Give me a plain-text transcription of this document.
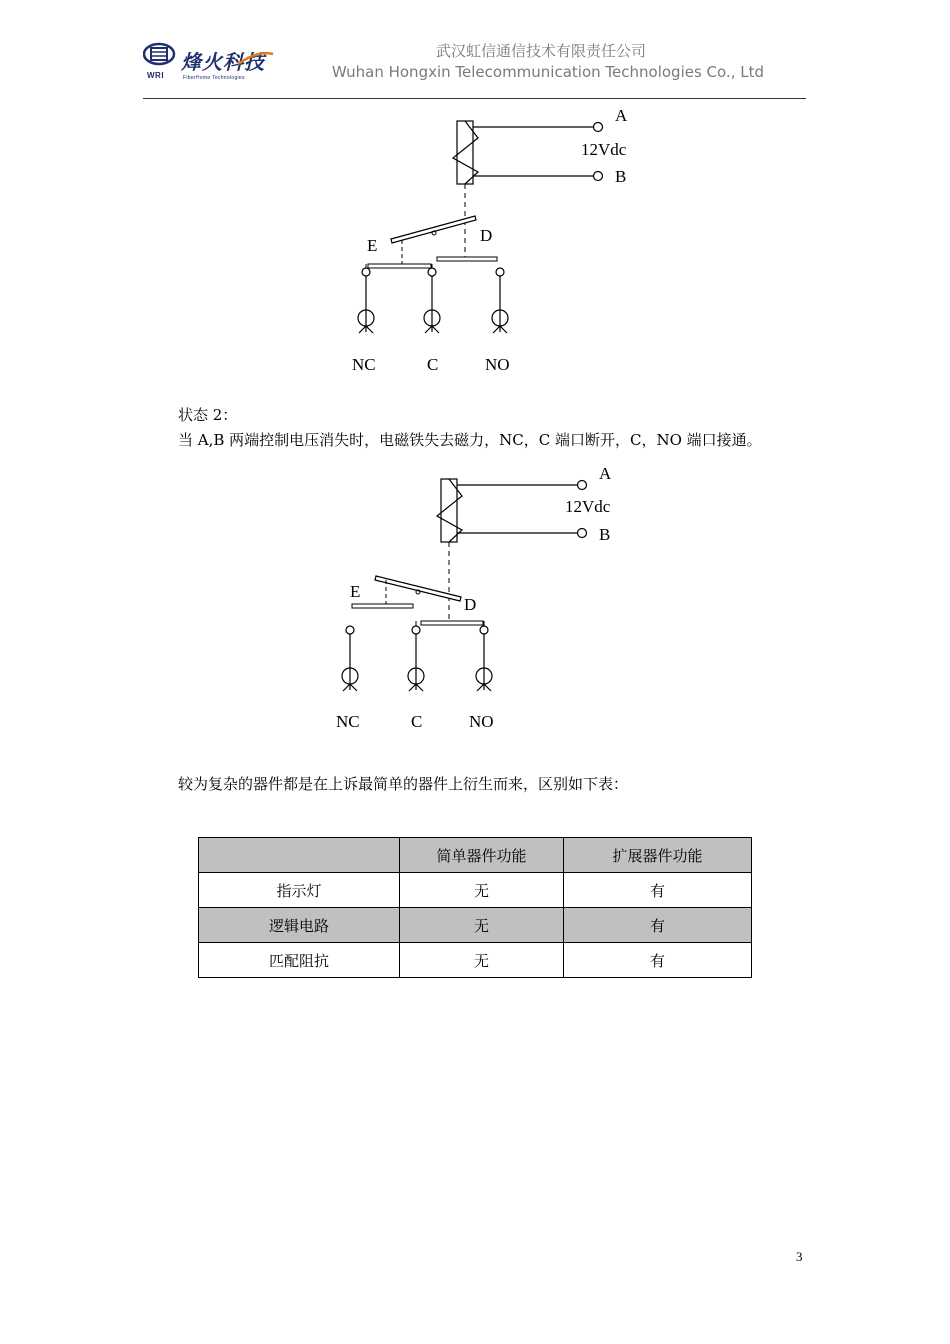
WRI
烽火科技
FiberHome Technologies
武汉虹信通信技术有限责任公司
Wuhan Hongxin Telecommunication Technologies Co., Ltd
A
12Vdc
B
E
D
NC	C	NO
A
12Vdc
B
E
D
NC	C	NO
状态 2：
当 A,B 两端控制电压消失时，电磁铁失去磁力，NC，C 端口断开，C，NO 端口接通。
较为复杂的器件都是在上诉最简单的器件上衍生而来，区别如下表：
	简单器件功能	扩展器件功能
指示灯	无	有
逻辑电路	无	有
匹配阻抗	无	有
3
